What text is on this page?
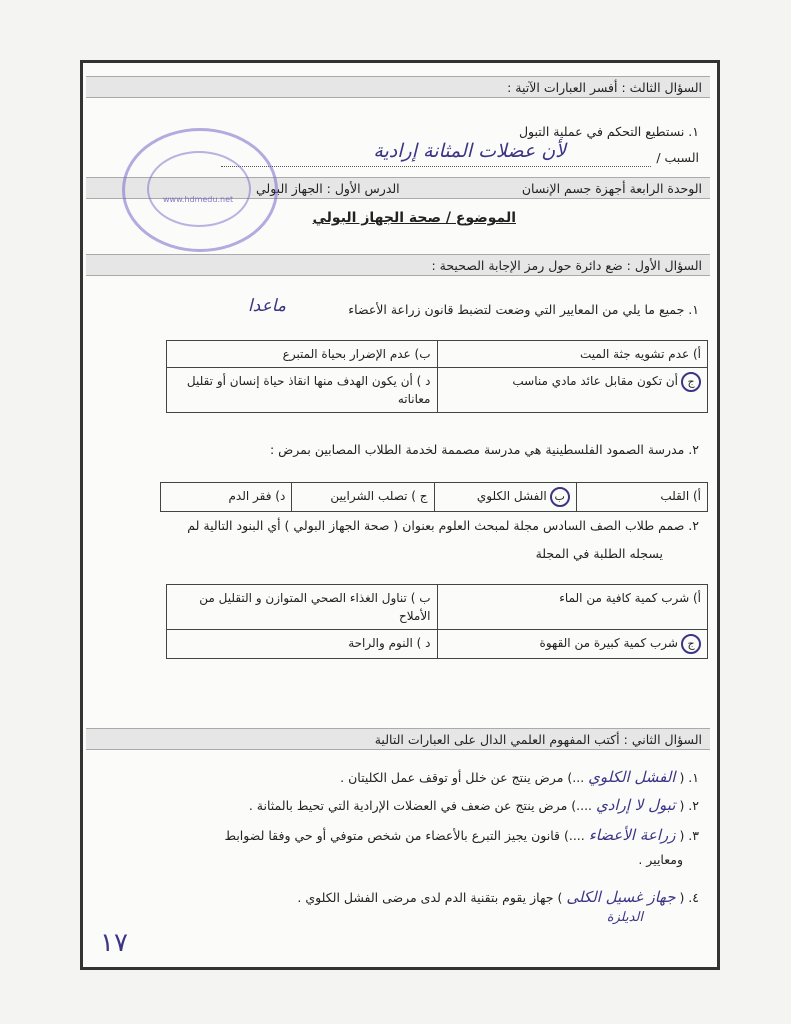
السؤال الثالث : أفسر العبارات الآتية :
١. نستطيع التحكم في عملية التبول
السبب /
لأن عضلات المثانة إرادية
الوحدة الرابعة أجهزة جسم الإنسان
الدرس الأول : الجهاز البولي
الموضوع / صحة الجهاز البولي
www.hdmedu.net
السؤال الأول : ضع دائرة حول رمز الإجابة الصحيحة :
١. جميع ما يلي من المعايير التي وضعت لتضبط قانون زراعة الأعضاء
ماعدا
أ) عدم تشويه جثة الميت	ب) عدم الإضرار بحياة المتبرع
جأن تكون مقابل عائد مادي مناسب	د ) أن يكون الهدف منها انقاذ حياة إنسان أو تقليل معاناته
٢. مدرسة الصمود الفلسطينية هي مدرسة مصممة لخدمة الطلاب المصابين بمرض :
أ) القلب	بالفشل الكلوي	ج ) تصلب الشرايين	د) فقر الدم
٢. صمم طلاب الصف السادس مجلة لمبحث العلوم بعنوان ( صحة الجهاز البولي ) أي البنود التالية لم
يسجله الطلبة في المجلة
أ) شرب كمية كافية من الماء	ب ) تناول الغذاء الصحي المتوازن و التقليل من الأملاح
جشرب كمية كبيرة من القهوة	د ) النوم والراحة
السؤال الثاني : أكتب المفهوم العلمي الدال على العبارات التالية
١. ( الفشل الكلوي ...) مرض ينتج عن خلل أو توقف عمل الكليتان .
٢. ( تبول لا إرادي ....) مرض ينتج عن ضعف في العضلات الإرادية التي تحيط بالمثانة .
٣. ( زراعة الأعضاء ....) قانون يجيز التبرع بالأعضاء من شخص متوفي أو حي وفقا لضوابط
ومعايير .
٤. ( جهاز غسيل الكلى ) جهاز يقوم بتقنية الدم لدى مرضى الفشل الكلوي .
الديلزة
١٧
